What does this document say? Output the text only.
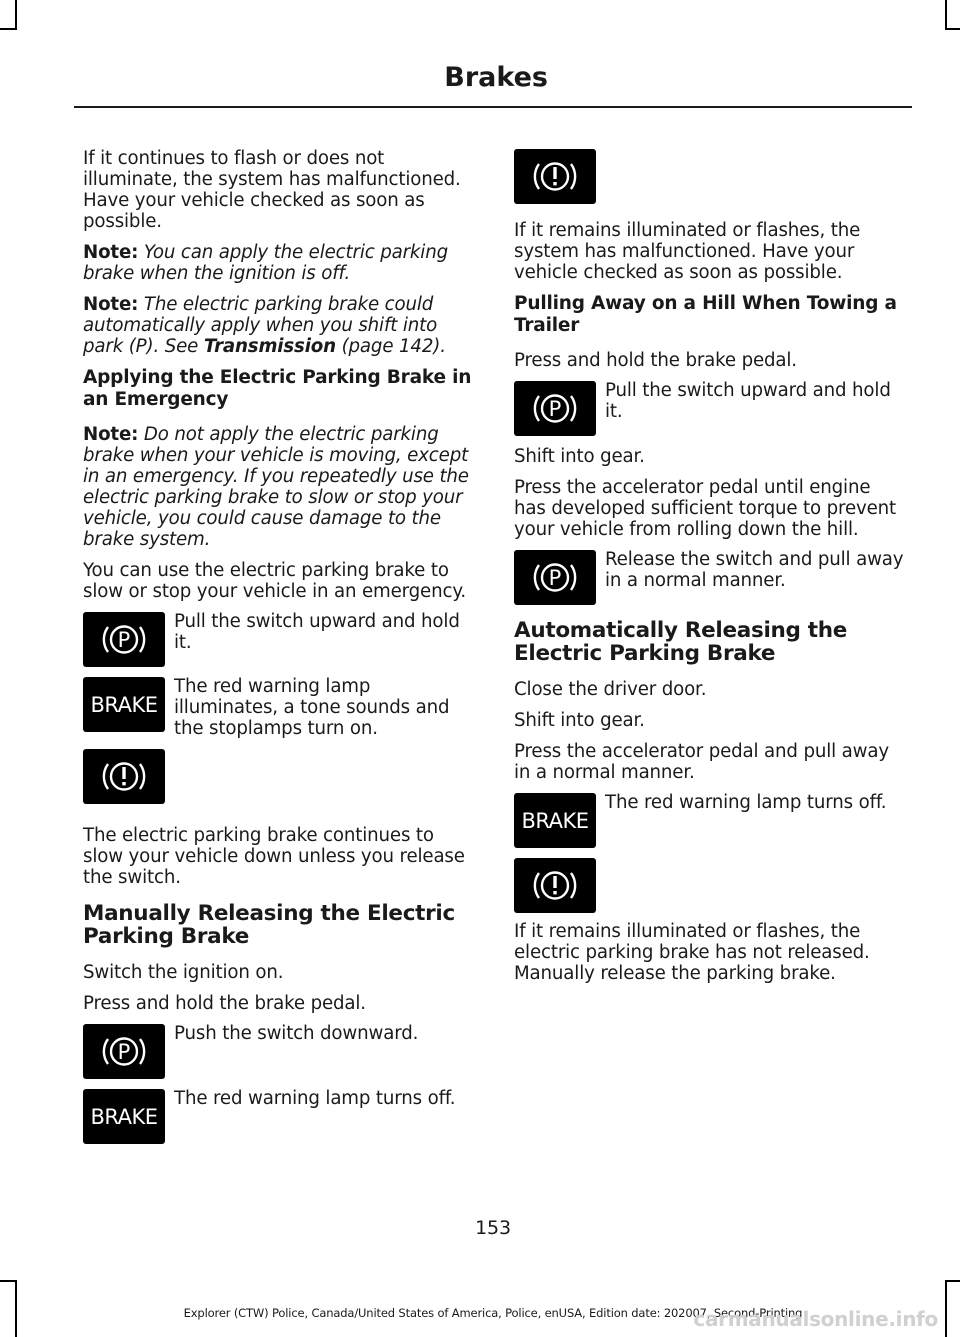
Brakes

If it continues to flash or does not illuminate, the system has malfunctioned. Have your vehicle checked as soon as possible.

Note: You can apply the electric parking brake when the ignition is off.

Note: The electric parking brake could automatically apply when you shift into park (P). See Transmission (page 142).

Applying the Electric Parking Brake in an Emergency

Note: Do not apply the electric parking brake when your vehicle is moving, except in an emergency. If you repeatedly use the electric parking brake to slow or stop your vehicle, you could cause damage to the brake system.

You can use the electric parking brake to slow or stop your vehicle in an emergency.

P
Pull the switch upward and hold it.
BRAKE
The red warning lamp illuminates, a tone sounds and the stoplamps turn on.

The electric parking brake continues to slow your vehicle down unless you release the switch.

Manually Releasing the Electric Parking Brake

Switch the ignition on.

Press and hold the brake pedal.

P
Push the switch downward.
BRAKE
The red warning lamp turns off.

If it remains illuminated or flashes, the system has malfunctioned. Have your vehicle checked as soon as possible.

Pulling Away on a Hill When Towing a Trailer

Press and hold the brake pedal.

P
Pull the switch upward and hold it.

Shift into gear.

Press the accelerator pedal until engine has developed sufficient torque to prevent your vehicle from rolling down the hill.

P
Release the switch and pull away in a normal manner.
Automatically Releasing the Electric Parking Brake

Close the driver door.

Shift into gear.

Press the accelerator pedal and pull away in a normal manner.

BRAKE
The red warning lamp turns off.

If it remains illuminated or flashes, the electric parking brake has not released. Manually release the parking brake.

153

Explorer (CTW) Police, Canada/United States of America, Police, enUSA, Edition date: 202007, Second-Printing

carmanualsonline.info
